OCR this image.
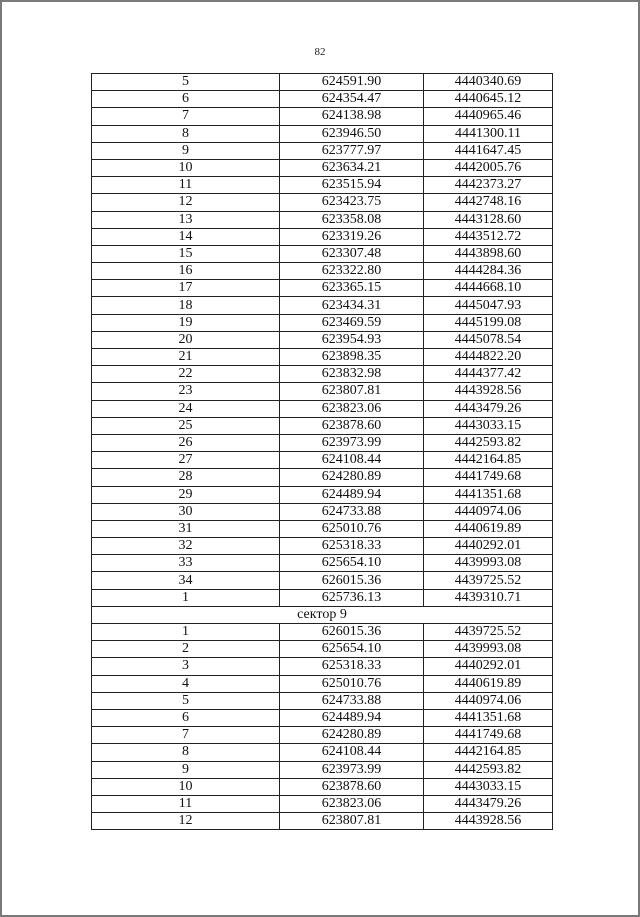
82
5	624591.90	4440340.69
6	624354.47	4440645.12
7	624138.98	4440965.46
8	623946.50	4441300.11
9	623777.97	4441647.45
10	623634.21	4442005.76
11	623515.94	4442373.27
12	623423.75	4442748.16
13	623358.08	4443128.60
14	623319.26	4443512.72
15	623307.48	4443898.60
16	623322.80	4444284.36
17	623365.15	4444668.10
18	623434.31	4445047.93
19	623469.59	4445199.08
20	623954.93	4445078.54
21	623898.35	4444822.20
22	623832.98	4444377.42
23	623807.81	4443928.56
24	623823.06	4443479.26
25	623878.60	4443033.15
26	623973.99	4442593.82
27	624108.44	4442164.85
28	624280.89	4441749.68
29	624489.94	4441351.68
30	624733.88	4440974.06
31	625010.76	4440619.89
32	625318.33	4440292.01
33	625654.10	4439993.08
34	626015.36	4439725.52
1	625736.13	4439310.71
сектор 9		
1	626015.36	4439725.52
2	625654.10	4439993.08
3	625318.33	4440292.01
4	625010.76	4440619.89
5	624733.88	4440974.06
6	624489.94	4441351.68
7	624280.89	4441749.68
8	624108.44	4442164.85
9	623973.99	4442593.82
10	623878.60	4443033.15
11	623823.06	4443479.26
12	623807.81	4443928.56
